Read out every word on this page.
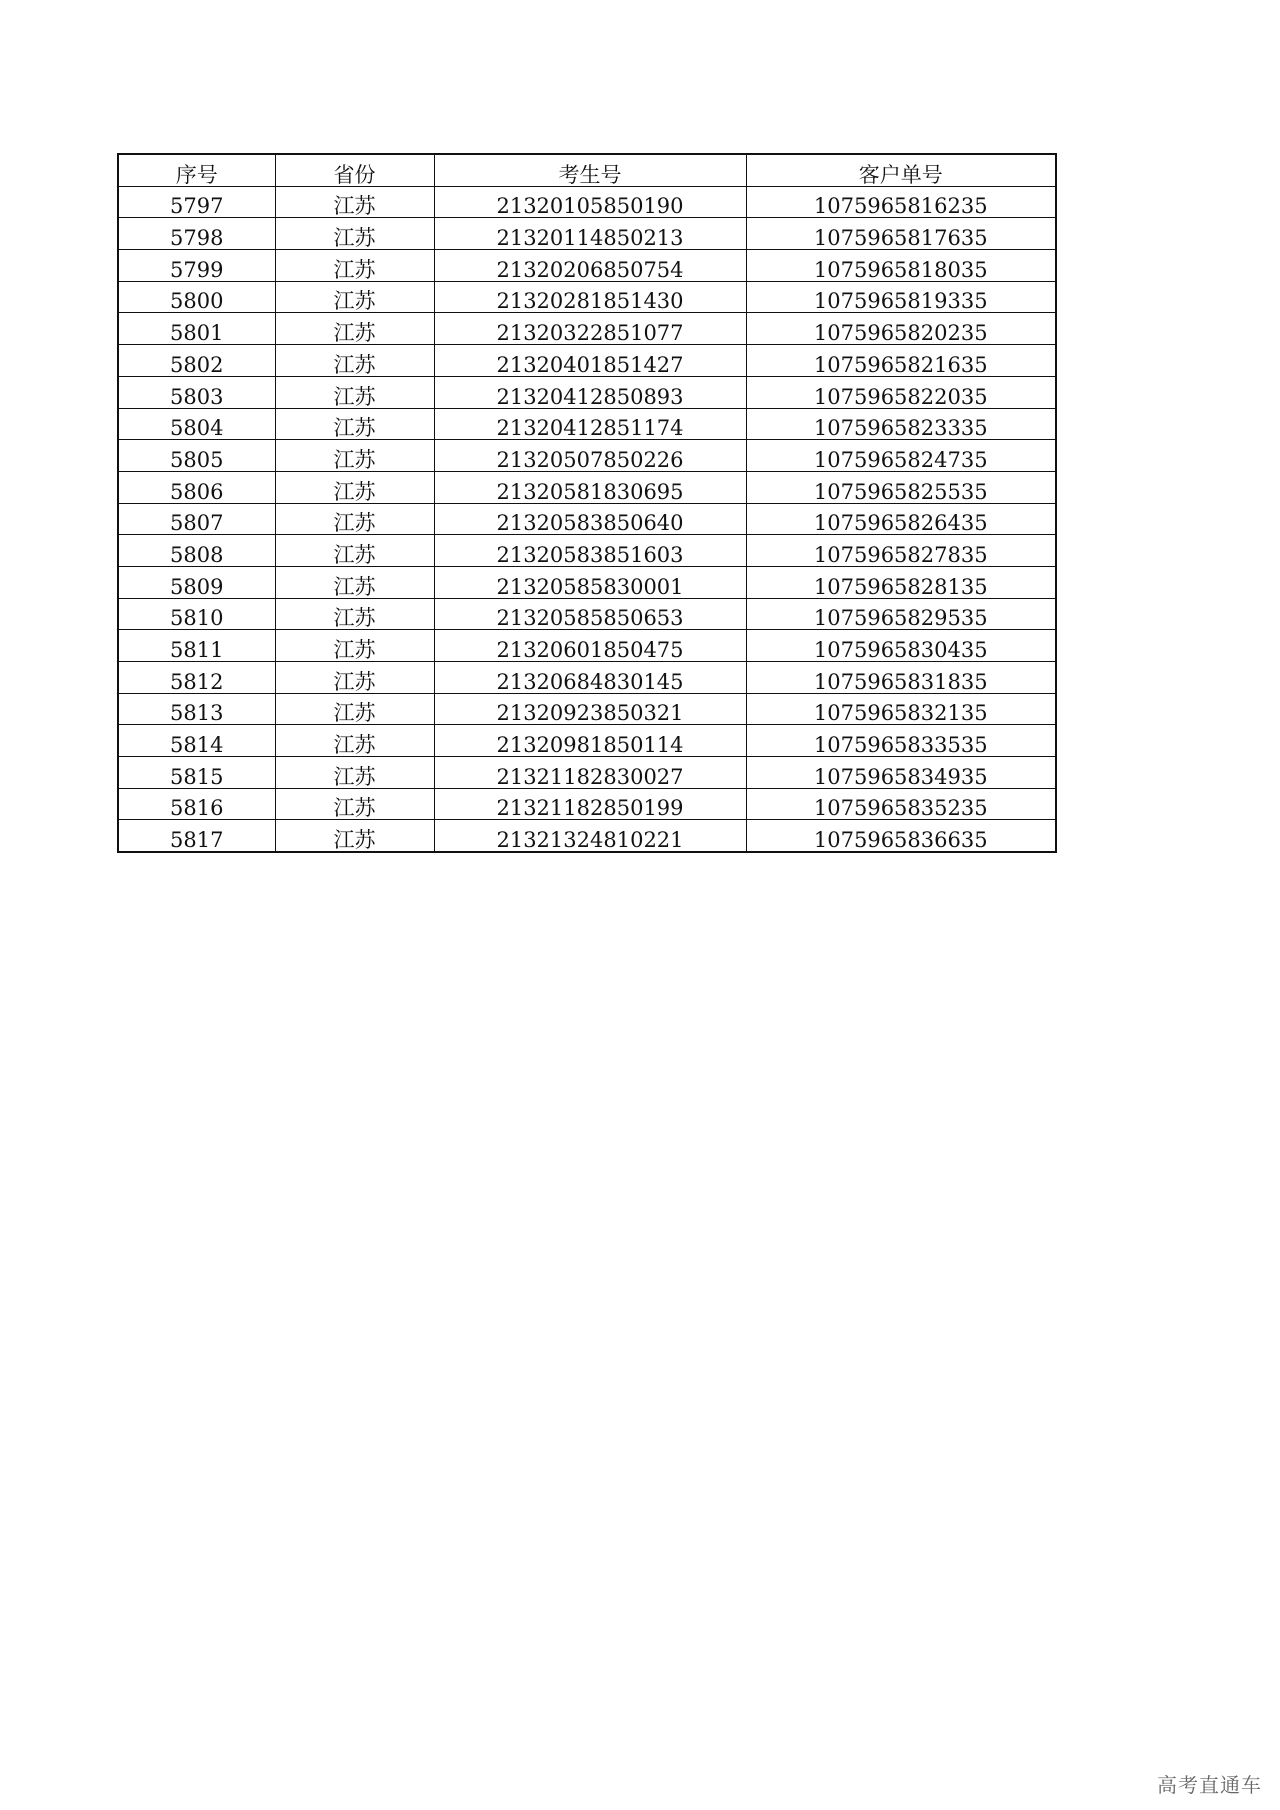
序号	省份	考生号	客户单号
5797	江苏	21320105850190	1075965816235
5798	江苏	21320114850213	1075965817635
5799	江苏	21320206850754	1075965818035
5800	江苏	21320281851430	1075965819335
5801	江苏	21320322851077	1075965820235
5802	江苏	21320401851427	1075965821635
5803	江苏	21320412850893	1075965822035
5804	江苏	21320412851174	1075965823335
5805	江苏	21320507850226	1075965824735
5806	江苏	21320581830695	1075965825535
5807	江苏	21320583850640	1075965826435
5808	江苏	21320583851603	1075965827835
5809	江苏	21320585830001	1075965828135
5810	江苏	21320585850653	1075965829535
5811	江苏	21320601850475	1075965830435
5812	江苏	21320684830145	1075965831835
5813	江苏	21320923850321	1075965832135
5814	江苏	21320981850114	1075965833535
5815	江苏	21321182830027	1075965834935
5816	江苏	21321182850199	1075965835235
5817	江苏	21321324810221	1075965836635
高考直通车
